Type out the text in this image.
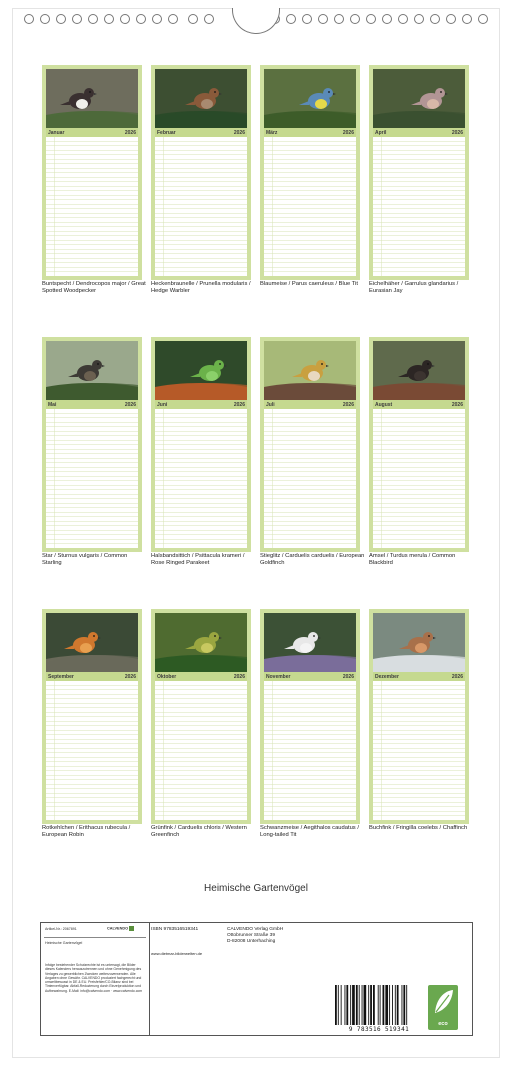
Januar	2026
Buntspecht / Dendrocopos major / Great Spotted Woodpecker
Februar	2026
Heckenbraunelle / Prunella modularis / Hedge Warbler
März	2026
Blaumeise / Parus caeruleus / Blue Tit
April	2026
Eichelhäher / Garrulus glandarius / Eurasian Jay
Mai	2026
Star / Sturnus vulgaris / Common Starling
Juni	2026
Halsbandsittich / Psittacula krameri / Rose Ringed Parakeet
Juli	2026
Stieglitz / Carduelis carduelis / European Goldfinch
August	2026
Amsel / Turdus merula / Common Blackbird
September	2026
Rotkehlchen / Erithacus rubecula / European Robin
Oktober	2026
Grünfink / Carduelis chloris / Western Greenfinch
November	2026
Schwanzmeise / Aegithalos caudatus / Long-tailed Tit
Dezember	2026
Buchfink / Fringilla coelebs / Chaffinch
Heimische Gartenvögel
Artikel-Nr.: 2067891	CALVENDO
Heimische Gartenvögel
Infolge bestehender Schutzrechte ist es untersagt, die Bilder dieses Kalenders herauszutrennen und ohne Genehmigung des Verlages zu gewerblichen Zwecken weiterzuverwenden. Alle Angaben ohne Gewähr. CALVENDO produziert fachgerecht und umweltbewusst in DE & EU. Preisfehler/CO-Bilanz sind bei Tintenverfügbar. Abfall-Reduzierung durch Einzelproduktion und Aufbewahrung. E-Mail: info@calvendo.com · www.calvendo.com
ISBN 9783516519341	CALVENDO Verlag GmbH
Ottobrunner Straße 39
D-82008 Unterhaching
www.dietmar-bilderwelten.de
9 783516 519341
eco
